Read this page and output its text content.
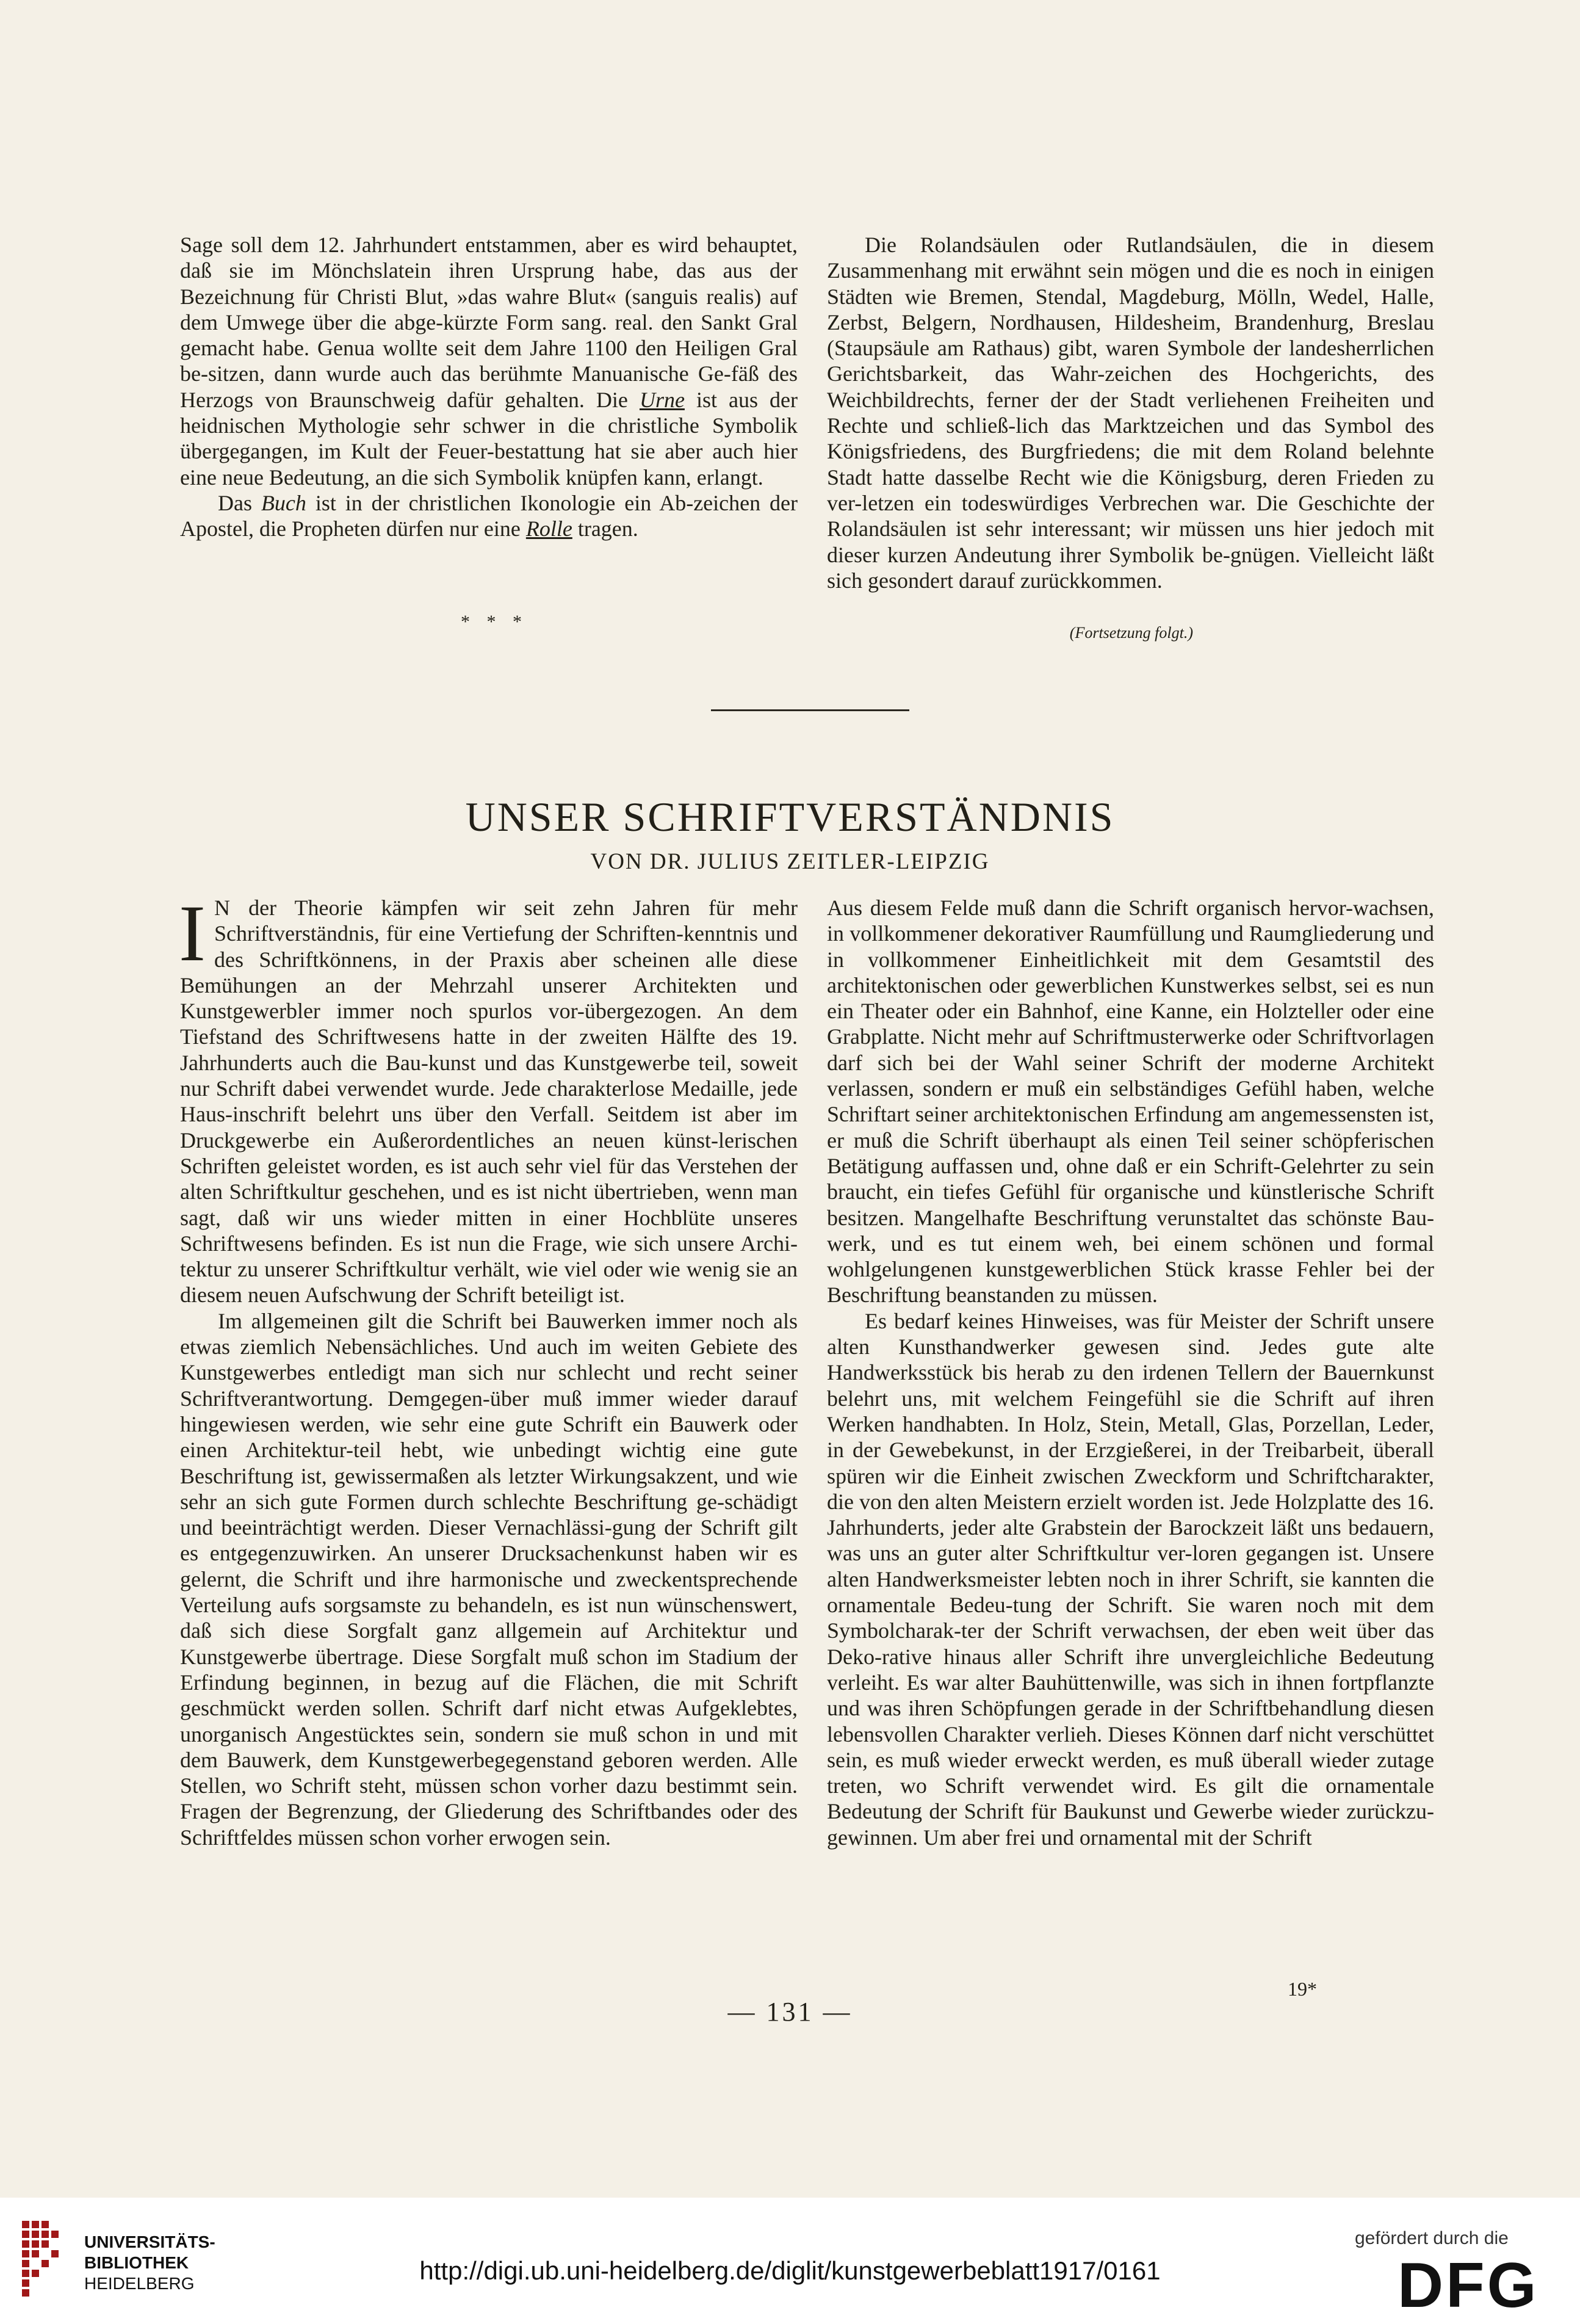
Sage soll dem 12. Jahrhundert entstammen, aber es wird behauptet, daß sie im Mönchslatein ihren Ursprung habe, das aus der Bezeichnung für Christi Blut, »das wahre Blut« (sanguis realis) auf dem Umwege über die abge-kürzte Form sang. real. den Sankt Gral gemacht habe. Genua wollte seit dem Jahre 1100 den Heiligen Gral be-sitzen, dann wurde auch das berühmte Manuanische Ge-fäß des Herzogs von Braunschweig dafür gehalten. Die Urne ist aus der heidnischen Mythologie sehr schwer in die christliche Symbolik übergegangen, im Kult der Feuer-bestattung hat sie aber auch hier eine neue Bedeutung, an die sich Symbolik knüpfen kann, erlangt.

Das Buch ist in der christlichen Ikonologie ein Ab-zeichen der Apostel, die Propheten dürfen nur eine Rolle tragen.

* * *

Die Rolandsäulen oder Rutlandsäulen, die in diesem Zusammenhang mit erwähnt sein mögen und die es noch in einigen Städten wie Bremen, Stendal, Magdeburg, Mölln, Wedel, Halle, Zerbst, Belgern, Nordhausen, Hildesheim, Brandenhurg, Breslau (Staupsäule am Rathaus) gibt, waren Symbole der landesherrlichen Gerichtsbarkeit, das Wahr-zeichen des Hochgerichts, des Weichbildrechts, ferner der der Stadt verliehenen Freiheiten und Rechte und schließ-lich das Marktzeichen und das Symbol des Königsfriedens, des Burgfriedens; die mit dem Roland belehnte Stadt hatte dasselbe Recht wie die Königsburg, deren Frieden zu ver-letzen ein todeswürdiges Verbrechen war. Die Geschichte der Rolandsäulen ist sehr interessant; wir müssen uns hier jedoch mit dieser kurzen Andeutung ihrer Symbolik be-gnügen. Vielleicht läßt sich gesondert darauf zurückkommen.

(Fortsetzung folgt.)
UNSER SCHRIFTVERSTÄNDNIS
VON DR. JULIUS ZEITLER-LEIPZIG

I N der Theorie kämpfen wir seit zehn Jahren für mehr Schriftverständnis, für eine Vertiefung der Schriften-kenntnis und des Schriftkönnens, in der Praxis aber scheinen alle diese Bemühungen an der Mehrzahl unserer Architekten und Kunstgewerbler immer noch spurlos vor-übergezogen. An dem Tiefstand des Schriftwesens hatte in der zweiten Hälfte des 19. Jahrhunderts auch die Bau-kunst und das Kunstgewerbe teil, soweit nur Schrift dabei verwendet wurde. Jede charakterlose Medaille, jede Haus-inschrift belehrt uns über den Verfall. Seitdem ist aber im Druckgewerbe ein Außerordentliches an neuen künst-lerischen Schriften geleistet worden, es ist auch sehr viel für das Verstehen der alten Schriftkultur geschehen, und es ist nicht übertrieben, wenn man sagt, daß wir uns wieder mitten in einer Hochblüte unseres Schriftwesens befinden. Es ist nun die Frage, wie sich unsere Archi-tektur zu unserer Schriftkultur verhält, wie viel oder wie wenig sie an diesem neuen Aufschwung der Schrift beteiligt ist.

Im allgemeinen gilt die Schrift bei Bauwerken immer noch als etwas ziemlich Nebensächliches. Und auch im weiten Gebiete des Kunstgewerbes entledigt man sich nur schlecht und recht seiner Schriftverantwortung. Demgegen-über muß immer wieder darauf hingewiesen werden, wie sehr eine gute Schrift ein Bauwerk oder einen Architektur-teil hebt, wie unbedingt wichtig eine gute Beschriftung ist, gewissermaßen als letzter Wirkungsakzent, und wie sehr an sich gute Formen durch schlechte Beschriftung ge-schädigt und beeinträchtigt werden. Dieser Vernachlässi-gung der Schrift gilt es entgegenzuwirken. An unserer Drucksachenkunst haben wir es gelernt, die Schrift und ihre harmonische und zweckentsprechende Verteilung aufs sorgsamste zu behandeln, es ist nun wünschenswert, daß sich diese Sorgfalt ganz allgemein auf Architektur und Kunstgewerbe übertrage. Diese Sorgfalt muß schon im Stadium der Erfindung beginnen, in bezug auf die Flächen, die mit Schrift geschmückt werden sollen. Schrift darf nicht etwas Aufgeklebtes, unorganisch Angestücktes sein, sondern sie muß schon in und mit dem Bauwerk, dem Kunstgewerbegegenstand geboren werden. Alle Stellen, wo Schrift steht, müssen schon vorher dazu bestimmt sein. Fragen der Begrenzung, der Gliederung des Schriftbandes oder des Schriftfeldes müssen schon vorher erwogen sein.

Aus diesem Felde muß dann die Schrift organisch hervor-wachsen, in vollkommener dekorativer Raumfüllung und Raumgliederung und in vollkommener Einheitlichkeit mit dem Gesamtstil des architektonischen oder gewerblichen Kunstwerkes selbst, sei es nun ein Theater oder ein Bahnhof, eine Kanne, ein Holzteller oder eine Grabplatte. Nicht mehr auf Schriftmusterwerke oder Schriftvorlagen darf sich bei der Wahl seiner Schrift der moderne Architekt verlassen, sondern er muß ein selbständiges Gefühl haben, welche Schriftart seiner architektonischen Erfindung am angemessensten ist, er muß die Schrift überhaupt als einen Teil seiner schöpferischen Betätigung auffassen und, ohne daß er ein Schrift-Gelehrter zu sein braucht, ein tiefes Gefühl für organische und künstlerische Schrift besitzen. Mangelhafte Beschriftung verunstaltet das schönste Bau-werk, und es tut einem weh, bei einem schönen und formal wohlgelungenen kunstgewerblichen Stück krasse Fehler bei der Beschriftung beanstanden zu müssen.

Es bedarf keines Hinweises, was für Meister der Schrift unsere alten Kunsthandwerker gewesen sind. Jedes gute alte Handwerksstück bis herab zu den irdenen Tellern der Bauernkunst belehrt uns, mit welchem Feingefühl sie die Schrift auf ihren Werken handhabten. In Holz, Stein, Metall, Glas, Porzellan, Leder, in der Gewebekunst, in der Erzgießerei, in der Treibarbeit, überall spüren wir die Einheit zwischen Zweckform und Schriftcharakter, die von den alten Meistern erzielt worden ist. Jede Holzplatte des 16. Jahrhunderts, jeder alte Grabstein der Barockzeit läßt uns bedauern, was uns an guter alter Schriftkultur ver-loren gegangen ist. Unsere alten Handwerksmeister lebten noch in ihrer Schrift, sie kannten die ornamentale Bedeu-tung der Schrift. Sie waren noch mit dem Symbolcharak-ter der Schrift verwachsen, der eben weit über das Deko-rative hinaus aller Schrift ihre unvergleichliche Bedeutung verleiht. Es war alter Bauhüttenwille, was sich in ihnen fortpflanzte und was ihren Schöpfungen gerade in der Schriftbehandlung diesen lebensvollen Charakter verlieh. Dieses Können darf nicht verschüttet sein, es muß wieder erweckt werden, es muß überall wieder zutage treten, wo Schrift verwendet wird. Es gilt die ornamentale Bedeutung der Schrift für Baukunst und Gewerbe wieder zurückzu-gewinnen. Um aber frei und ornamental mit der Schrift

19*
— 131 —
UNIVERSITÄTS-
BIBLIOTHEK
HEIDELBERG	http://digi.ub.uni-heidelberg.de/diglit/kunstgewerbeblatt1917/0161
gefördert durch die
DFG
